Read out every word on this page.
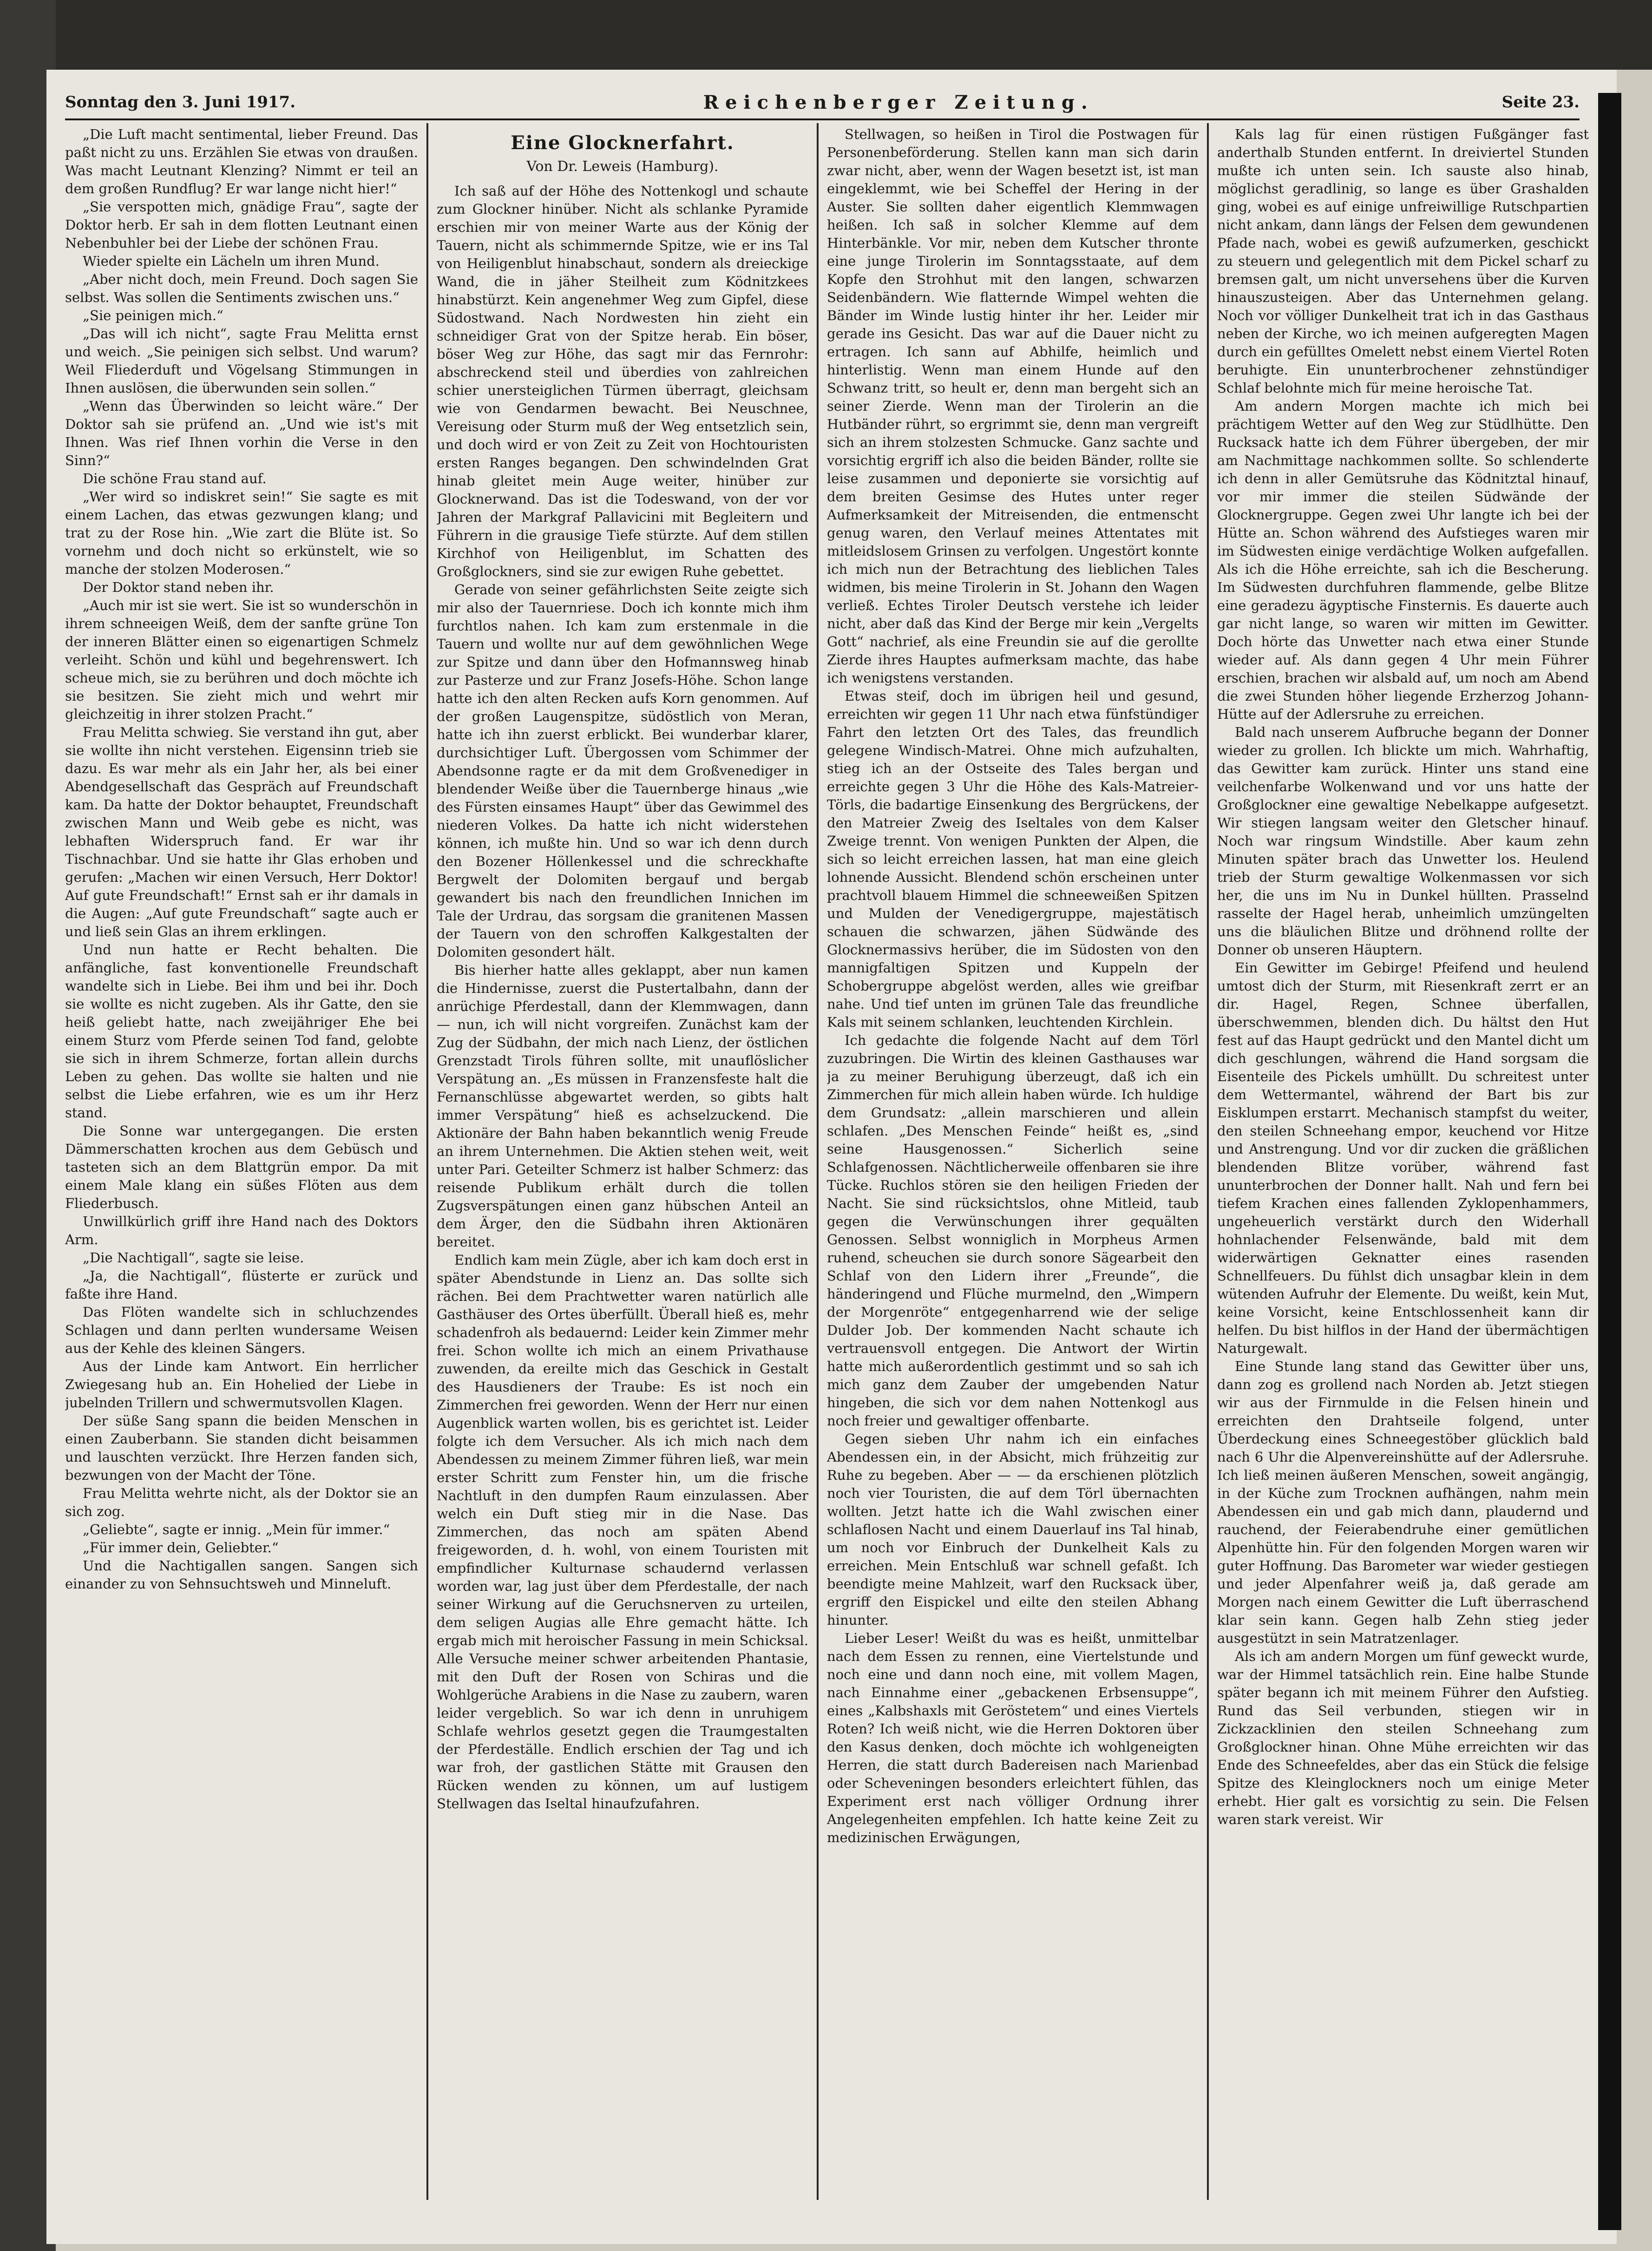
Sonntag den 3. Juni 1917.	Reichenberger Zeitung.	Seite 23.

„Die Luft macht sentimental, lieber Freund. Das paßt nicht zu uns. Erzählen Sie etwas von draußen. Was macht Leutnant Klenzing? Nimmt er teil an dem großen Rundflug? Er war lange nicht hier!“

„Sie verspotten mich, gnädige Frau“, sagte der Doktor herb. Er sah in dem flotten Leutnant einen Nebenbuhler bei der Liebe der schönen Frau.

Wieder spielte ein Lächeln um ihren Mund.

„Aber nicht doch, mein Freund. Doch sagen Sie selbst. Was sollen die Sentiments zwischen uns.“

„Sie peinigen mich.“

„Das will ich nicht“, sagte Frau Melitta ernst und weich. „Sie peinigen sich selbst. Und warum? Weil Fliederduft und Vögelsang Stimmungen in Ihnen auslösen, die überwunden sein sollen.“

„Wenn das Überwinden so leicht wäre.“ Der Doktor sah sie prüfend an. „Und wie ist's mit Ihnen. Was rief Ihnen vorhin die Verse in den Sinn?“

Die schöne Frau stand auf.

„Wer wird so indiskret sein!“ Sie sagte es mit einem Lachen, das etwas gezwungen klang; und trat zu der Rose hin. „Wie zart die Blüte ist. So vornehm und doch nicht so erkünstelt, wie so manche der stolzen Moderosen.“

Der Doktor stand neben ihr.

„Auch mir ist sie wert. Sie ist so wunderschön in ihrem schneeigen Weiß, dem der sanfte grüne Ton der inneren Blätter einen so eigenartigen Schmelz verleiht. Schön und kühl und begehrenswert. Ich scheue mich, sie zu berühren und doch möchte ich sie besitzen. Sie zieht mich und wehrt mir gleichzeitig in ihrer stolzen Pracht.“

Frau Melitta schwieg. Sie verstand ihn gut, aber sie wollte ihn nicht verstehen. Eigensinn trieb sie dazu. Es war mehr als ein Jahr her, als bei einer Abendgesellschaft das Gespräch auf Freundschaft kam. Da hatte der Doktor behauptet, Freundschaft zwischen Mann und Weib gebe es nicht, was lebhaften Widerspruch fand. Er war ihr Tischnachbar. Und sie hatte ihr Glas erhoben und gerufen: „Machen wir einen Versuch, Herr Doktor! Auf gute Freundschaft!“ Ernst sah er ihr damals in die Augen: „Auf gute Freundschaft“ sagte auch er und ließ sein Glas an ihrem erklingen.

Und nun hatte er Recht behalten. Die anfängliche, fast konventionelle Freundschaft wandelte sich in Liebe. Bei ihm und bei ihr. Doch sie wollte es nicht zugeben. Als ihr Gatte, den sie heiß geliebt hatte, nach zweijähriger Ehe bei einem Sturz vom Pferde seinen Tod fand, gelobte sie sich in ihrem Schmerze, fortan allein durchs Leben zu gehen. Das wollte sie halten und nie selbst die Liebe erfahren, wie es um ihr Herz stand.

Die Sonne war untergegangen. Die ersten Dämmerschatten krochen aus dem Gebüsch und tasteten sich an dem Blattgrün empor. Da mit einem Male klang ein süßes Flöten aus dem Fliederbusch.

Unwillkürlich griff ihre Hand nach des Doktors Arm.

„Die Nachtigall“, sagte sie leise.

„Ja, die Nachtigall“, flüsterte er zurück und faßte ihre Hand.

Das Flöten wandelte sich in schluchzendes Schlagen und dann perlten wundersame Weisen aus der Kehle des kleinen Sängers.

Aus der Linde kam Antwort. Ein herrlicher Zwiegesang hub an. Ein Hohelied der Liebe in jubelnden Trillern und schwermutsvollen Klagen.

Der süße Sang spann die beiden Menschen in einen Zauberbann. Sie standen dicht beisammen und lauschten verzückt. Ihre Herzen fanden sich, bezwungen von der Macht der Töne.

Frau Melitta wehrte nicht, als der Doktor sie an sich zog.

„Geliebte“, sagte er innig. „Mein für immer.“

„Für immer dein, Geliebter.“

Und die Nachtigallen sangen. Sangen sich einander zu von Sehnsuchtsweh und Minneluft.

Eine Glocknerfahrt.
Von Dr. Leweis (Hamburg).

Ich saß auf der Höhe des Nottenkogl und schaute zum Glockner hinüber. Nicht als schlanke Pyramide erschien mir von meiner Warte aus der König der Tauern, nicht als schimmernde Spitze, wie er ins Tal von Heiligenblut hinabschaut, sondern als dreieckige Wand, die in jäher Steilheit zum Ködnitzkees hinabstürzt. Kein angenehmer Weg zum Gipfel, diese Südostwand. Nach Nordwesten hin zieht ein schneidiger Grat von der Spitze herab. Ein böser, böser Weg zur Höhe, das sagt mir das Fernrohr: abschreckend steil und überdies von zahlreichen schier unersteiglichen Türmen überragt, gleichsam wie von Gendarmen bewacht. Bei Neuschnee, Vereisung oder Sturm muß der Weg entsetzlich sein, und doch wird er von Zeit zu Zeit von Hochtouristen ersten Ranges begangen. Den schwindelnden Grat hinab gleitet mein Auge weiter, hinüber zur Glocknerwand. Das ist die Todeswand, von der vor Jahren der Markgraf Pallavicini mit Begleitern und Führern in die grausige Tiefe stürzte. Auf dem stillen Kirchhof von Heiligenblut, im Schatten des Großglockners, sind sie zur ewigen Ruhe gebettet.

Gerade von seiner gefährlichsten Seite zeigte sich mir also der Tauernriese. Doch ich konnte mich ihm furchtlos nahen. Ich kam zum erstenmale in die Tauern und wollte nur auf dem gewöhnlichen Wege zur Spitze und dann über den Hofmannsweg hinab zur Pasterze und zur Franz Josefs-Höhe. Schon lange hatte ich den alten Recken aufs Korn genommen. Auf der großen Laugenspitze, südöstlich von Meran, hatte ich ihn zuerst erblickt. Bei wunderbar klarer, durchsichtiger Luft. Übergossen vom Schimmer der Abendsonne ragte er da mit dem Großvenediger in blendender Weiße über die Tauernberge hinaus „wie des Fürsten einsames Haupt“ über das Gewimmel des niederen Volkes. Da hatte ich nicht widerstehen können, ich mußte hin. Und so war ich denn durch den Bozener Höllenkessel und die schreckhafte Bergwelt der Dolomiten bergauf und bergab gewandert bis nach den freundlichen Innichen im Tale der Urdrau, das sorgsam die granitenen Massen der Tauern von den schroffen Kalkgestalten der Dolomiten gesondert hält.

Bis hierher hatte alles geklappt, aber nun kamen die Hindernisse, zuerst die Pustertalbahn, dann der anrüchige Pferdestall, dann der Klemmwagen, dann — nun, ich will nicht vorgreifen. Zunächst kam der Zug der Südbahn, der mich nach Lienz, der östlichen Grenzstadt Tirols führen sollte, mit unauflöslicher Verspätung an. „Es müssen in Franzensfeste halt die Fernanschlüsse abgewartet werden, so gibts halt immer Verspätung“ hieß es achselzuckend. Die Aktionäre der Bahn haben bekanntlich wenig Freude an ihrem Unternehmen. Die Aktien stehen weit, weit unter Pari. Geteilter Schmerz ist halber Schmerz: das reisende Publikum erhält durch die tollen Zugsverspätungen einen ganz hübschen Anteil an dem Ärger, den die Südbahn ihren Aktionären bereitet.

Endlich kam mein Zügle, aber ich kam doch erst in später Abendstunde in Lienz an. Das sollte sich rächen. Bei dem Prachtwetter waren natürlich alle Gasthäuser des Ortes überfüllt. Überall hieß es, mehr schadenfroh als bedauernd: Leider kein Zimmer mehr frei. Schon wollte ich mich an einem Privathause zuwenden, da ereilte mich das Geschick in Gestalt des Hausdieners der Traube: Es ist noch ein Zimmerchen frei geworden. Wenn der Herr nur einen Augenblick warten wollen, bis es gerichtet ist. Leider folgte ich dem Versucher. Als ich mich nach dem Abendessen zu meinem Zimmer führen ließ, war mein erster Schritt zum Fenster hin, um die frische Nachtluft in den dumpfen Raum einzulassen. Aber welch ein Duft stieg mir in die Nase. Das Zimmerchen, das noch am späten Abend freigeworden, d. h. wohl, von einem Touristen mit empfindlicher Kulturnase schaudernd verlassen worden war, lag just über dem Pferdestalle, der nach seiner Wirkung auf die Geruchsnerven zu urteilen, dem seligen Augias alle Ehre gemacht hätte. Ich ergab mich mit heroischer Fassung in mein Schicksal. Alle Versuche meiner schwer arbeitenden Phantasie, mit den Duft der Rosen von Schiras und die Wohlgerüche Arabiens in die Nase zu zaubern, waren leider vergeblich. So war ich denn in unruhigem Schlafe wehrlos gesetzt gegen die Traumgestalten der Pferdeställe. Endlich erschien der Tag und ich war froh, der gastlichen Stätte mit Grausen den Rücken wenden zu können, um auf lustigem Stellwagen das Iseltal hinaufzufahren.

Stellwagen, so heißen in Tirol die Postwagen für Personenbeförderung. Stellen kann man sich darin zwar nicht, aber, wenn der Wagen besetzt ist, ist man eingeklemmt, wie bei Scheffel der Hering in der Auster. Sie sollten daher eigentlich Klemmwagen heißen. Ich saß in solcher Klemme auf dem Hinterbänkle. Vor mir, neben dem Kutscher thronte eine junge Tirolerin im Sonntagsstaate, auf dem Kopfe den Strohhut mit den langen, schwarzen Seidenbändern. Wie flatternde Wimpel wehten die Bänder im Winde lustig hinter ihr her. Leider mir gerade ins Gesicht. Das war auf die Dauer nicht zu ertragen. Ich sann auf Abhilfe, heimlich und hinterlistig. Wenn man einem Hunde auf den Schwanz tritt, so heult er, denn man bergeht sich an seiner Zierde. Wenn man der Tirolerin an die Hutbänder rührt, so ergrimmt sie, denn man vergreift sich an ihrem stolzesten Schmucke. Ganz sachte und vorsichtig ergriff ich also die beiden Bänder, rollte sie leise zusammen und deponierte sie vorsichtig auf dem breiten Gesimse des Hutes unter reger Aufmerksamkeit der Mitreisenden, die entmenscht genug waren, den Verlauf meines Attentates mit mitleidslosem Grinsen zu verfolgen. Ungestört konnte ich mich nun der Betrachtung des lieblichen Tales widmen, bis meine Tirolerin in St. Johann den Wagen verließ. Echtes Tiroler Deutsch verstehe ich leider nicht, aber daß das Kind der Berge mir kein „Vergelts Gott“ nachrief, als eine Freundin sie auf die gerollte Zierde ihres Hauptes aufmerksam machte, das habe ich wenigstens verstanden.

Etwas steif, doch im übrigen heil und gesund, erreichten wir gegen 11 Uhr nach etwa fünfstündiger Fahrt den letzten Ort des Tales, das freundlich gelegene Windisch-Matrei. Ohne mich aufzuhalten, stieg ich an der Ostseite des Tales bergan und erreichte gegen 3 Uhr die Höhe des Kals-Matreier-Törls, die badartige Einsenkung des Bergrückens, der den Matreier Zweig des Iseltales von dem Kalser Zweige trennt. Von wenigen Punkten der Alpen, die sich so leicht erreichen lassen, hat man eine gleich lohnende Aussicht. Blendend schön erscheinen unter prachtvoll blauem Himmel die schneeweißen Spitzen und Mulden der Venedigergruppe, majestätisch schauen die schwarzen, jähen Südwände des Glocknermassivs herüber, die im Südosten von den mannigfaltigen Spitzen und Kuppeln der Schobergruppe abgelöst werden, alles wie greifbar nahe. Und tief unten im grünen Tale das freundliche Kals mit seinem schlanken, leuchtenden Kirchlein.

Ich gedachte die folgende Nacht auf dem Törl zuzubringen. Die Wirtin des kleinen Gasthauses war ja zu meiner Beruhigung überzeugt, daß ich ein Zimmerchen für mich allein haben würde. Ich huldige dem Grundsatz: „allein marschieren und allein schlafen. „Des Menschen Feinde“ heißt es, „sind seine Hausgenossen.“ Sicherlich seine Schlafgenossen. Nächtlicherweile offenbaren sie ihre Tücke. Ruchlos stören sie den heiligen Frieden der Nacht. Sie sind rücksichtslos, ohne Mitleid, taub gegen die Verwünschungen ihrer gequälten Genossen. Selbst wonniglich in Morpheus Armen ruhend, scheuchen sie durch sonore Sägearbeit den Schlaf von den Lidern ihrer „Freunde“, die händeringend und Flüche murmelnd, den „Wimpern der Morgenröte“ entgegenharrend wie der selige Dulder Job. Der kommenden Nacht schaute ich vertrauensvoll entgegen. Die Antwort der Wirtin hatte mich außerordentlich gestimmt und so sah ich mich ganz dem Zauber der umgebenden Natur hingeben, die sich vor dem nahen Nottenkogl aus noch freier und gewaltiger offenbarte.

Gegen sieben Uhr nahm ich ein einfaches Abendessen ein, in der Absicht, mich frühzeitig zur Ruhe zu begeben. Aber — — da erschienen plötzlich noch vier Touristen, die auf dem Törl übernachten wollten. Jetzt hatte ich die Wahl zwischen einer schlaflosen Nacht und einem Dauerlauf ins Tal hinab, um noch vor Einbruch der Dunkelheit Kals zu erreichen. Mein Entschluß war schnell gefaßt. Ich beendigte meine Mahlzeit, warf den Rucksack über, ergriff den Eispickel und eilte den steilen Abhang hinunter.

Lieber Leser! Weißt du was es heißt, unmittelbar nach dem Essen zu rennen, eine Viertelstunde und noch eine und dann noch eine, mit vollem Magen, nach Einnahme einer „gebackenen Erbsensuppe“, eines „Kalbshaxls mit Geröstetem“ und eines Viertels Roten? Ich weiß nicht, wie die Herren Doktoren über den Kasus denken, doch möchte ich wohlgeneigten Herren, die statt durch Badereisen nach Marienbad oder Scheveningen besonders erleichtert fühlen, das Experiment erst nach völliger Ordnung ihrer Angelegenheiten empfehlen. Ich hatte keine Zeit zu medizinischen Erwägungen,

Kals lag für einen rüstigen Fußgänger fast anderthalb Stunden entfernt. In dreiviertel Stunden mußte ich unten sein. Ich sauste also hinab, möglichst geradlinig, so lange es über Grashalden ging, wobei es auf einige unfreiwillige Rutschpartien nicht ankam, dann längs der Felsen dem gewundenen Pfade nach, wobei es gewiß aufzumerken, geschickt zu steuern und gelegentlich mit dem Pickel scharf zu bremsen galt, um nicht unversehens über die Kurven hinauszusteigen. Aber das Unternehmen gelang. Noch vor völliger Dunkelheit trat ich in das Gasthaus neben der Kirche, wo ich meinen aufgeregten Magen durch ein gefülltes Omelett nebst einem Viertel Roten beruhigte. Ein ununterbrochener zehnstündiger Schlaf belohnte mich für meine heroische Tat.

Am andern Morgen machte ich mich bei prächtigem Wetter auf den Weg zur Stüdlhütte. Den Rucksack hatte ich dem Führer übergeben, der mir am Nachmittage nachkommen sollte. So schlenderte ich denn in aller Gemütsruhe das Ködnitztal hinauf, vor mir immer die steilen Südwände der Glocknergruppe. Gegen zwei Uhr langte ich bei der Hütte an. Schon während des Aufstieges waren mir im Südwesten einige verdächtige Wolken aufgefallen. Als ich die Höhe erreichte, sah ich die Bescherung. Im Südwesten durchfuhren flammende, gelbe Blitze eine geradezu ägyptische Finsternis. Es dauerte auch gar nicht lange, so waren wir mitten im Gewitter. Doch hörte das Unwetter nach etwa einer Stunde wieder auf. Als dann gegen 4 Uhr mein Führer erschien, brachen wir alsbald auf, um noch am Abend die zwei Stunden höher liegende Erzherzog Johann-Hütte auf der Adlersruhe zu erreichen.

Bald nach unserem Aufbruche begann der Donner wieder zu grollen. Ich blickte um mich. Wahrhaftig, das Gewitter kam zurück. Hinter uns stand eine veilchenfarbe Wolkenwand und vor uns hatte der Großglockner eine gewaltige Nebelkappe aufgesetzt. Wir stiegen langsam weiter den Gletscher hinauf. Noch war ringsum Windstille. Aber kaum zehn Minuten später brach das Unwetter los. Heulend trieb der Sturm gewaltige Wolkenmassen vor sich her, die uns im Nu in Dunkel hüllten. Prasselnd rasselte der Hagel herab, unheimlich umzüngelten uns die bläulichen Blitze und dröhnend rollte der Donner ob unseren Häuptern.

Ein Gewitter im Gebirge! Pfeifend und heulend umtost dich der Sturm, mit Riesenkraft zerrt er an dir. Hagel, Regen, Schnee überfallen, überschwemmen, blenden dich. Du hältst den Hut fest auf das Haupt gedrückt und den Mantel dicht um dich geschlungen, während die Hand sorgsam die Eisenteile des Pickels umhüllt. Du schreitest unter dem Wettermantel, während der Bart bis zur Eisklumpen erstarrt. Mechanisch stampfst du weiter, den steilen Schneehang empor, keuchend vor Hitze und Anstrengung. Und vor dir zucken die gräßlichen blendenden Blitze vorüber, während fast ununterbrochen der Donner hallt. Nah und fern bei tiefem Krachen eines fallenden Zyklopenhammers, ungeheuerlich verstärkt durch den Widerhall hohnlachender Felsenwände, bald mit dem widerwärtigen Geknatter eines rasenden Schnellfeuers. Du fühlst dich unsagbar klein in dem wütenden Aufruhr der Elemente. Du weißt, kein Mut, keine Vorsicht, keine Entschlossenheit kann dir helfen. Du bist hilflos in der Hand der übermächtigen Naturgewalt.

Eine Stunde lang stand das Gewitter über uns, dann zog es grollend nach Norden ab. Jetzt stiegen wir aus der Firnmulde in die Felsen hinein und erreichten den Drahtseile folgend, unter Überdeckung eines Schneegestöber glücklich bald nach 6 Uhr die Alpenvereinshütte auf der Adlersruhe. Ich ließ meinen äußeren Menschen, soweit angängig, in der Küche zum Trocknen aufhängen, nahm mein Abendessen ein und gab mich dann, plaudernd und rauchend, der Feierabendruhe einer gemütlichen Alpenhütte hin. Für den folgenden Morgen waren wir guter Hoffnung. Das Barometer war wieder gestiegen und jeder Alpenfahrer weiß ja, daß gerade am Morgen nach einem Gewitter die Luft überraschend klar sein kann. Gegen halb Zehn stieg jeder ausgestützt in sein Matratzenlager.

Als ich am andern Morgen um fünf geweckt wurde, war der Himmel tatsächlich rein. Eine halbe Stunde später begann ich mit meinem Führer den Aufstieg. Rund das Seil verbunden, stiegen wir in Zickzacklinien den steilen Schneehang zum Großglockner hinan. Ohne Mühe erreichten wir das Ende des Schneefeldes, aber das ein Stück die felsige Spitze des Kleinglockners noch um einige Meter erhebt. Hier galt es vorsichtig zu sein. Die Felsen waren stark vereist. Wir
